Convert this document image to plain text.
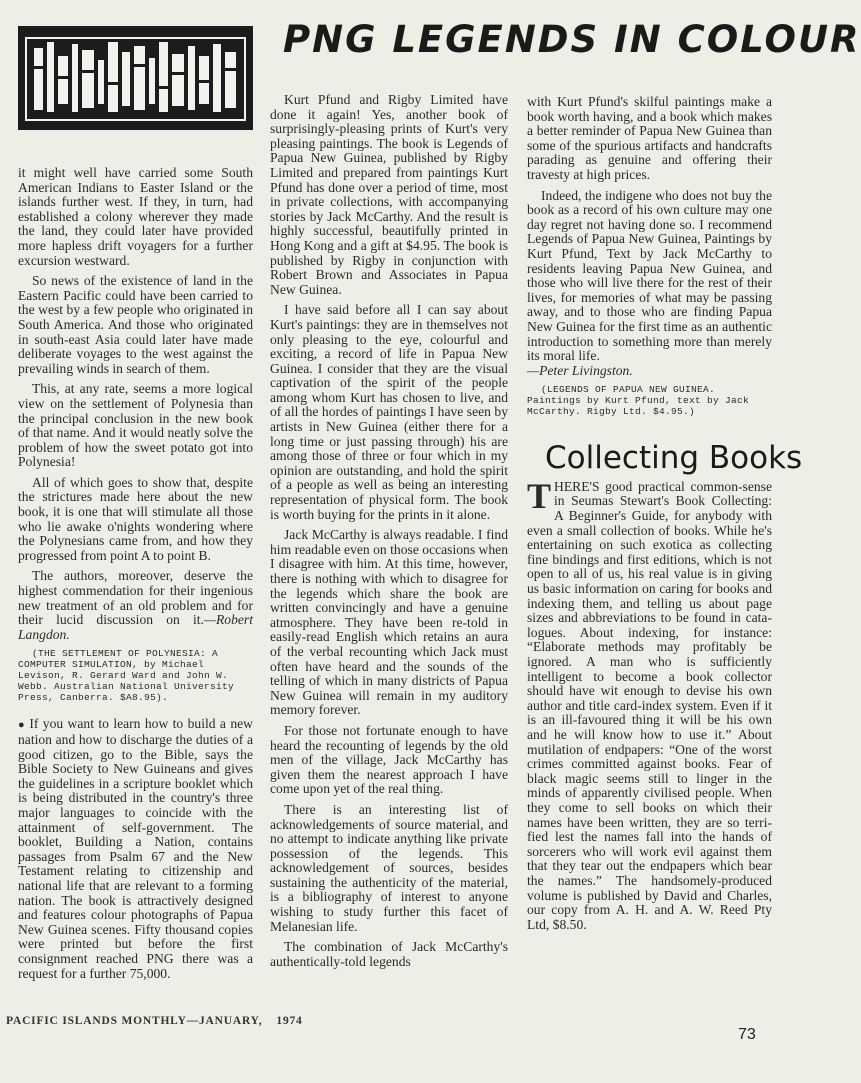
PNG LEGENDS IN COLOUR

it might well have carried some South American Indians to Easter Island or the islands further west. If they, in turn, had established a colony wherever they made the land, they could later have provided more hapless drift voyagers for a further excursion westward.

So news of the existence of land in the Eastern Pacific could have been carried to the west by a few people who originated in South America. And those who originated in south-east Asia could later have made deliberate voyages to the west against the prevailing winds in search of them.

This, at any rate, seems a more logical view on the settlement of Polynesia than the principal conclusion in the new book of that name. And it would neatly solve the problem of how the sweet potato got into Polynesia!

All of which goes to show that, despite the strictures made here about the new book, it is one that will stimulate all those who lie awake o'nights wondering where the Polynesians came from, and how they progressed from point A to point B.

The authors, moreover, deserve the highest commendation for their ingenious new treatment of an old problem and for their lucid discussion on it.—Robert Langdon.

(THE SETTLEMENT OF POLYNESIA: A COMPUTER SIMULATION, by Michael Levison, R. Gerard Ward and John W. Webb. Australian National University Press, Canberra. $A8.95).

● If you want to learn how to build a new nation and how to discharge the duties of a good citizen, go to the Bible, says the Bible Society to New Guineans and gives the guidelines in a scripture booklet which is being distributed in the country's three major languages to coincide with the attainment of self-government. The booklet, Building a Nation, contains passages from Psalm 67 and the New Testament relating to citizenship and national life that are relevant to a forming nation. The book is attractively designed and features colour photographs of Papua New Guinea scenes. Fifty thousand copies were printed but before the first consignment reached PNG there was a request for a further 75,000.

Kurt Pfund and Rigby Limited have done it again! Yes, another book of surprisingly-pleasing prints of Kurt's very pleasing paintings. The book is Legends of Papua New Guinea, published by Rigby Limited and prepared from paintings Kurt Pfund has done over a period of time, most in private collections, with accompanying stories by Jack McCarthy. And the result is highly successful, beautifully printed in Hong Kong and a gift at $4.95. The book is published by Rigby in conjunction with Robert Brown and Associates in Papua New Guinea.

I have said before all I can say about Kurt's paintings: they are in themselves not only pleasing to the eye, colourful and exciting, a record of life in Papua New Guinea. I consider that they are the visual captivation of the spirit of the people among whom Kurt has chosen to live, and of all the hordes of paintings I have seen by artists in New Guinea (either there for a long time or just passing through) his are among those of three or four which in my opinion are outstanding, and hold the spirit of a people as well as being an interesting representation of physical form. The book is worth buying for the prints in it alone.

Jack McCarthy is always readable. I find him readable even on those occasions when I disagree with him. At this time, however, there is nothing with which to disagree for the legends which share the book are written convincingly and have a genuine atmosphere. They have been re-told in easily-read English which retains an aura of the verbal recounting which Jack must often have heard and the sounds of the telling of which in many districts of Papua New Guinea will remain in my auditory memory forever.

For those not fortunate enough to have heard the recounting of legends by the old men of the village, Jack McCarthy has given them the nearest approach I have come upon yet of the real thing.

There is an interesting list of acknowledgements of source material, and no attempt to indicate anything like private possession of the legends. This acknowledgement of sources, besides sustaining the authenticity of the material, is a bibliography of interest to anyone wishing to study further this facet of Melanesian life.

The combination of Jack McCarthy's authentically-told legends

with Kurt Pfund's skilful paintings make a book worth having, and a book which makes a better reminder of Papua New Guinea than some of the spurious artifacts and handcrafts parading as genuine and offering their travesty at high prices.

Indeed, the indigene who does not buy the book as a record of his own culture may one day regret not having done so. I recommend Legends of Papua New Guinea, Paintings by Kurt Pfund, Text by Jack McCarthy to residents leaving Papua New Guinea, and those who will live there for the rest of their lives, for memories of what may be passing away, and to those who are finding Papua New Guinea for the first time as an authentic introduction to something more than merely its moral life.
—Peter Livingston.

(LEGENDS OF PAPUA NEW GUINEA. Paintings by Kurt Pfund, text by Jack McCarthy. Rigby Ltd. $4.95.)

Collecting Books

THERE'S good practical common-sense in Seumas Stewart's Book Collecting: A Beginner's Guide, for anybody with even a small collection of books. While he's entertaining on such exotica as collecting fine bindings and first editions, which is not open to all of us, his real value is in giving us basic information on caring for books and indexing them, and telling us about page sizes and abbreviations to be found in catalogues. About indexing, for instance: “Elaborate methods may profitably be ignored. A man who is sufficiently intelligent to become a book collector should have wit enough to devise his own author and title card-index system. Even if it is an ill-favoured thing it will be his own and he will know how to use it.” About mutilation of endpapers: “One of the worst crimes committed against books. Fear of black magic seems still to linger in the minds of apparently civilised people. When they come to sell books on which their names have been written, they are so terrified lest the names fall into the hands of sorcerers who will work evil against them that they tear out the endpapers which bear the names.” The handsomely-produced volume is published by David and Charles, our copy from A. H. and A. W. Reed Pty Ltd, $8.50.

PACIFIC ISLANDS MONTHLY—JANUARY, 1974
73
